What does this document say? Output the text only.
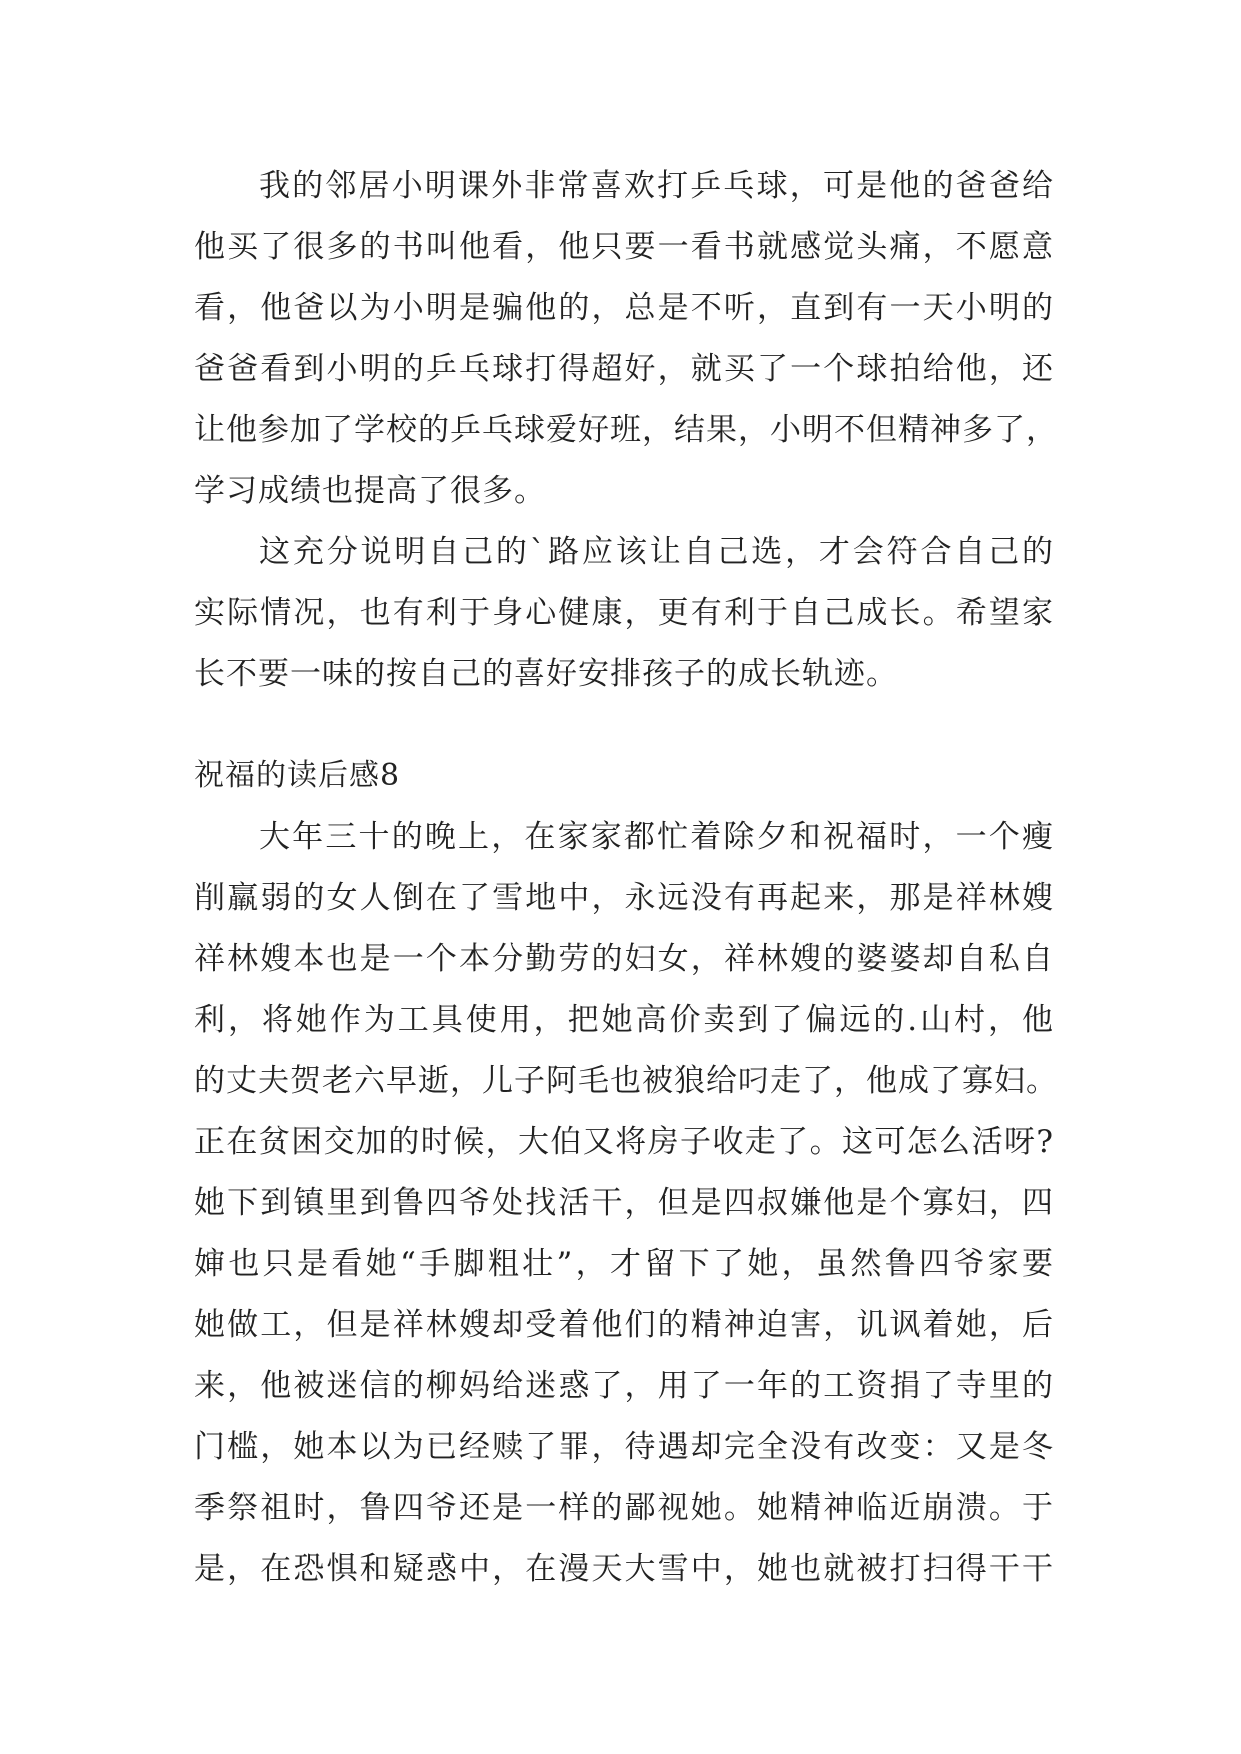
我的邻居小明课外非常喜欢打乒乓球，可是他的爸爸给
他买了很多的书叫他看，他只要一看书就感觉头痛，不愿意
看，他爸以为小明是骗他的，总是不听，直到有一天小明的
爸爸看到小明的乒乓球打得超好，就买了一个球拍给他，还
让他参加了学校的乒乓球爱好班，结果，小明不但精神多了，
学习成绩也提高了很多。
这充分说明自己的`路应该让自己选，才会符合自己的
实际情况，也有利于身心健康，更有利于自己成长。希望家
长不要一味的按自己的喜好安排孩子的成长轨迹。
祝福的读后感8
大年三十的晚上，在家家都忙着除夕和祝福时，一个瘦
削羸弱的女人倒在了雪地中，永远没有再起来，那是祥林嫂
祥林嫂本也是一个本分勤劳的妇女，祥林嫂的婆婆却自私自
利，将她作为工具使用，把她高价卖到了偏远的.山村，他
的丈夫贺老六早逝，儿子阿毛也被狼给叼走了，他成了寡妇。
正在贫困交加的时候，大伯又将房子收走了。这可怎么活呀?
她下到镇里到鲁四爷处找活干，但是四叔嫌他是个寡妇，四
婶也只是看她“手脚粗壮”，才留下了她，虽然鲁四爷家要
她做工，但是祥林嫂却受着他们的精神迫害，讥讽着她，后
来，他被迷信的柳妈给迷惑了，用了一年的工资捐了寺里的
门槛，她本以为已经赎了罪，待遇却完全没有改变：又是冬
季祭祖时，鲁四爷还是一样的鄙视她。她精神临近崩溃。于
是，在恐惧和疑惑中，在漫天大雪中，她也就被打扫得干干
